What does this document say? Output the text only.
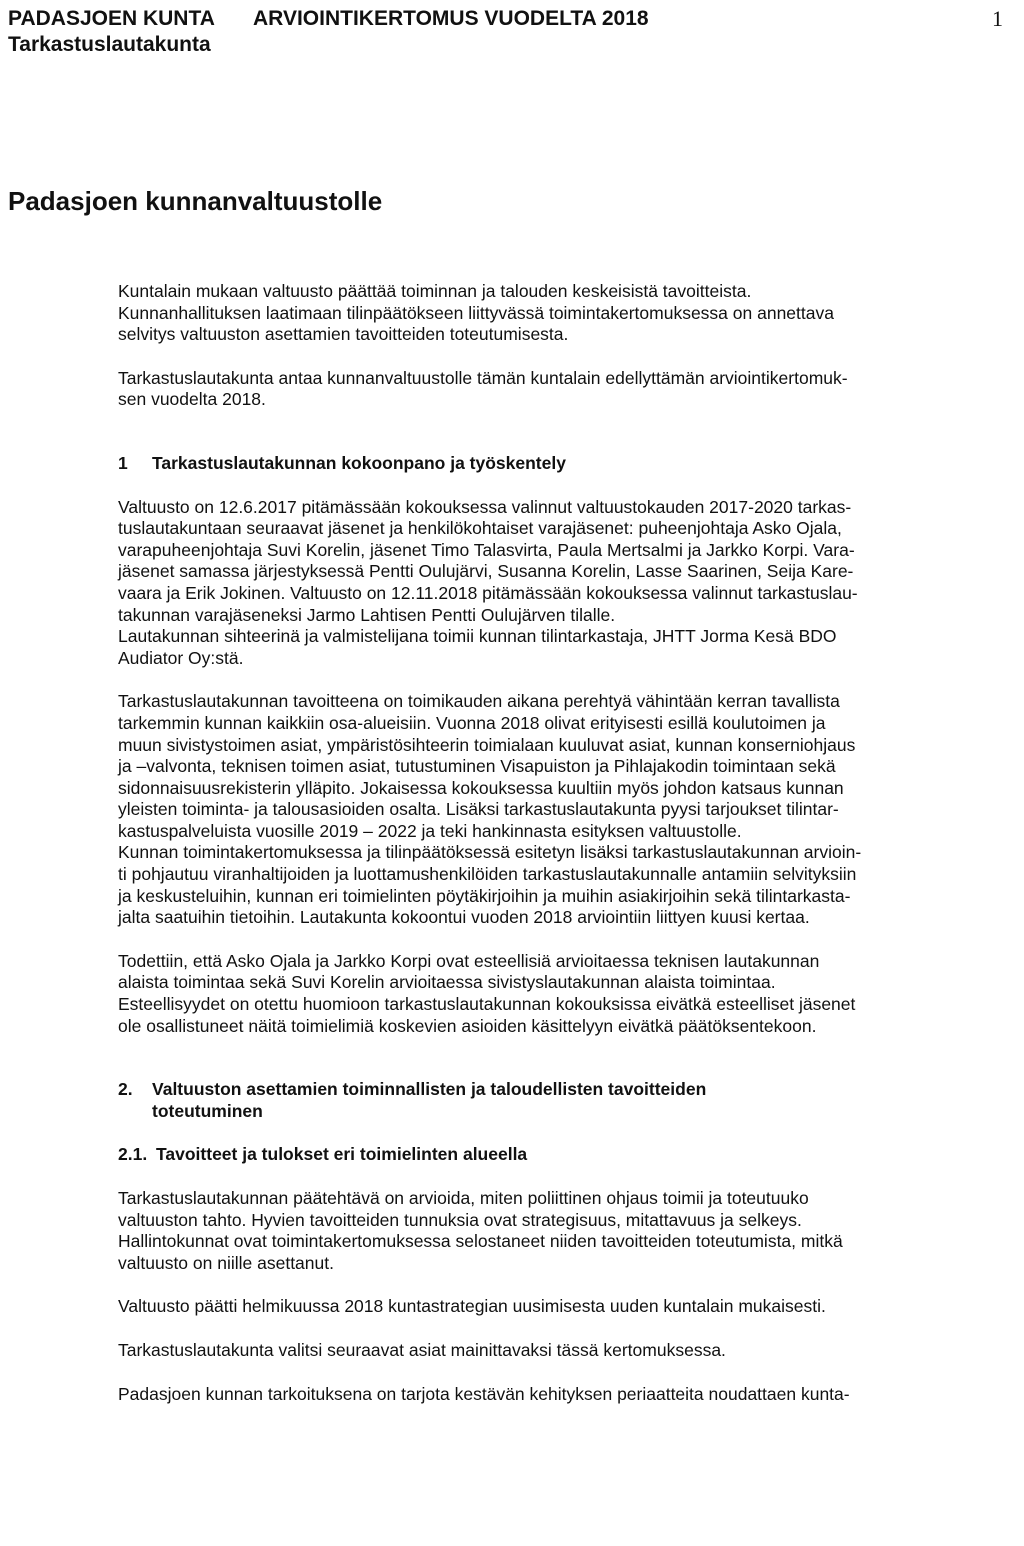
PADASJOEN KUNTA
Tarkastuslautakunta
ARVIOINTIKERTOMUS VUODELTA 2018	1
Padasjoen kunnanvaltuustolle

Kuntalain mukaan valtuusto päättää toiminnan ja talouden keskeisistä tavoitteista.
Kunnanhallituksen laatimaan tilinpäätökseen liittyvässä toimintakertomuksessa on annettava
selvitys valtuuston asettamien tavoitteiden toteutumisesta.

Tarkastuslautakunta antaa kunnanvaltuustolle tämän kuntalain edellyttämän arviointikertomuk-
sen vuodelta 2018.

1	Tarkastuslautakunnan kokoonpano ja työskentely

Valtuusto on 12.6.2017 pitämässään kokouksessa valinnut valtuustokauden 2017-2020 tarkas-
tuslautakuntaan seuraavat jäsenet ja henkilökohtaiset varajäsenet: puheenjohtaja Asko Ojala,
varapuheenjohtaja Suvi Korelin, jäsenet Timo Talasvirta, Paula Mertsalmi ja Jarkko Korpi. Vara-
jäsenet samassa järjestyksessä Pentti Oulujärvi, Susanna Korelin, Lasse Saarinen, Seija Kare-
vaara ja Erik Jokinen. Valtuusto on 12.11.2018 pitämässään kokouksessa valinnut tarkastuslau-
takunnan varajäseneksi Jarmo Lahtisen Pentti Oulujärven tilalle.
Lautakunnan sihteerinä ja valmistelijana toimii kunnan tilintarkastaja, JHTT Jorma Kesä BDO
Audiator Oy:stä.

Tarkastuslautakunnan tavoitteena on toimikauden aikana perehtyä vähintään kerran tavallista
tarkemmin kunnan kaikkiin osa-alueisiin. Vuonna 2018 olivat erityisesti esillä koulutoimen ja
muun sivistystoimen asiat, ympäristösihteerin toimialaan kuuluvat asiat, kunnan konserniohjaus
ja –valvonta, teknisen toimen asiat, tutustuminen Visapuiston ja Pihlajakodin toimintaan sekä
sidonnaisuusrekisterin ylläpito. Jokaisessa kokouksessa kuultiin myös johdon katsaus kunnan
yleisten toiminta- ja talousasioiden osalta. Lisäksi tarkastuslautakunta pyysi tarjoukset tilintar-
kastuspalveluista vuosille 2019 – 2022 ja teki hankinnasta esityksen valtuustolle.
Kunnan toimintakertomuksessa ja tilinpäätöksessä esitetyn lisäksi tarkastuslautakunnan arvioin-
ti pohjautuu viranhaltijoiden ja luottamushenkilöiden tarkastuslautakunnalle antamiin selvityksiin
ja keskusteluihin, kunnan eri toimielinten pöytäkirjoihin ja muihin asiakirjoihin sekä tilintarkasta-
jalta saatuihin tietoihin. Lautakunta kokoontui vuoden 2018 arviointiin liittyen kuusi kertaa.

Todettiin, että Asko Ojala ja Jarkko Korpi ovat esteellisiä arvioitaessa teknisen lautakunnan
alaista toimintaa sekä Suvi Korelin arvioitaessa sivistyslautakunnan alaista toimintaa.
Esteellisyydet on otettu huomioon tarkastuslautakunnan kokouksissa eivätkä esteelliset jäsenet
ole osallistuneet näitä toimielimiä koskevien asioiden käsittelyyn eivätkä päätöksentekoon.

2.	Valtuuston asettamien toiminnallisten ja taloudellisten tavoitteiden
toteutuminen
2.1. Tavoitteet ja tulokset eri toimielinten alueella

Tarkastuslautakunnan päätehtävä on arvioida, miten poliittinen ohjaus toimii ja toteutuuko
valtuuston tahto. Hyvien tavoitteiden tunnuksia ovat strategisuus, mitattavuus ja selkeys.
Hallintokunnat ovat toimintakertomuksessa selostaneet niiden tavoitteiden toteutumista, mitkä
valtuusto on niille asettanut.

Valtuusto päätti helmikuussa 2018 kuntastrategian uusimisesta uuden kuntalain mukaisesti.

Tarkastuslautakunta valitsi seuraavat asiat mainittavaksi tässä kertomuksessa.

Padasjoen kunnan tarkoituksena on tarjota kestävän kehityksen periaatteita noudattaen kunta-
